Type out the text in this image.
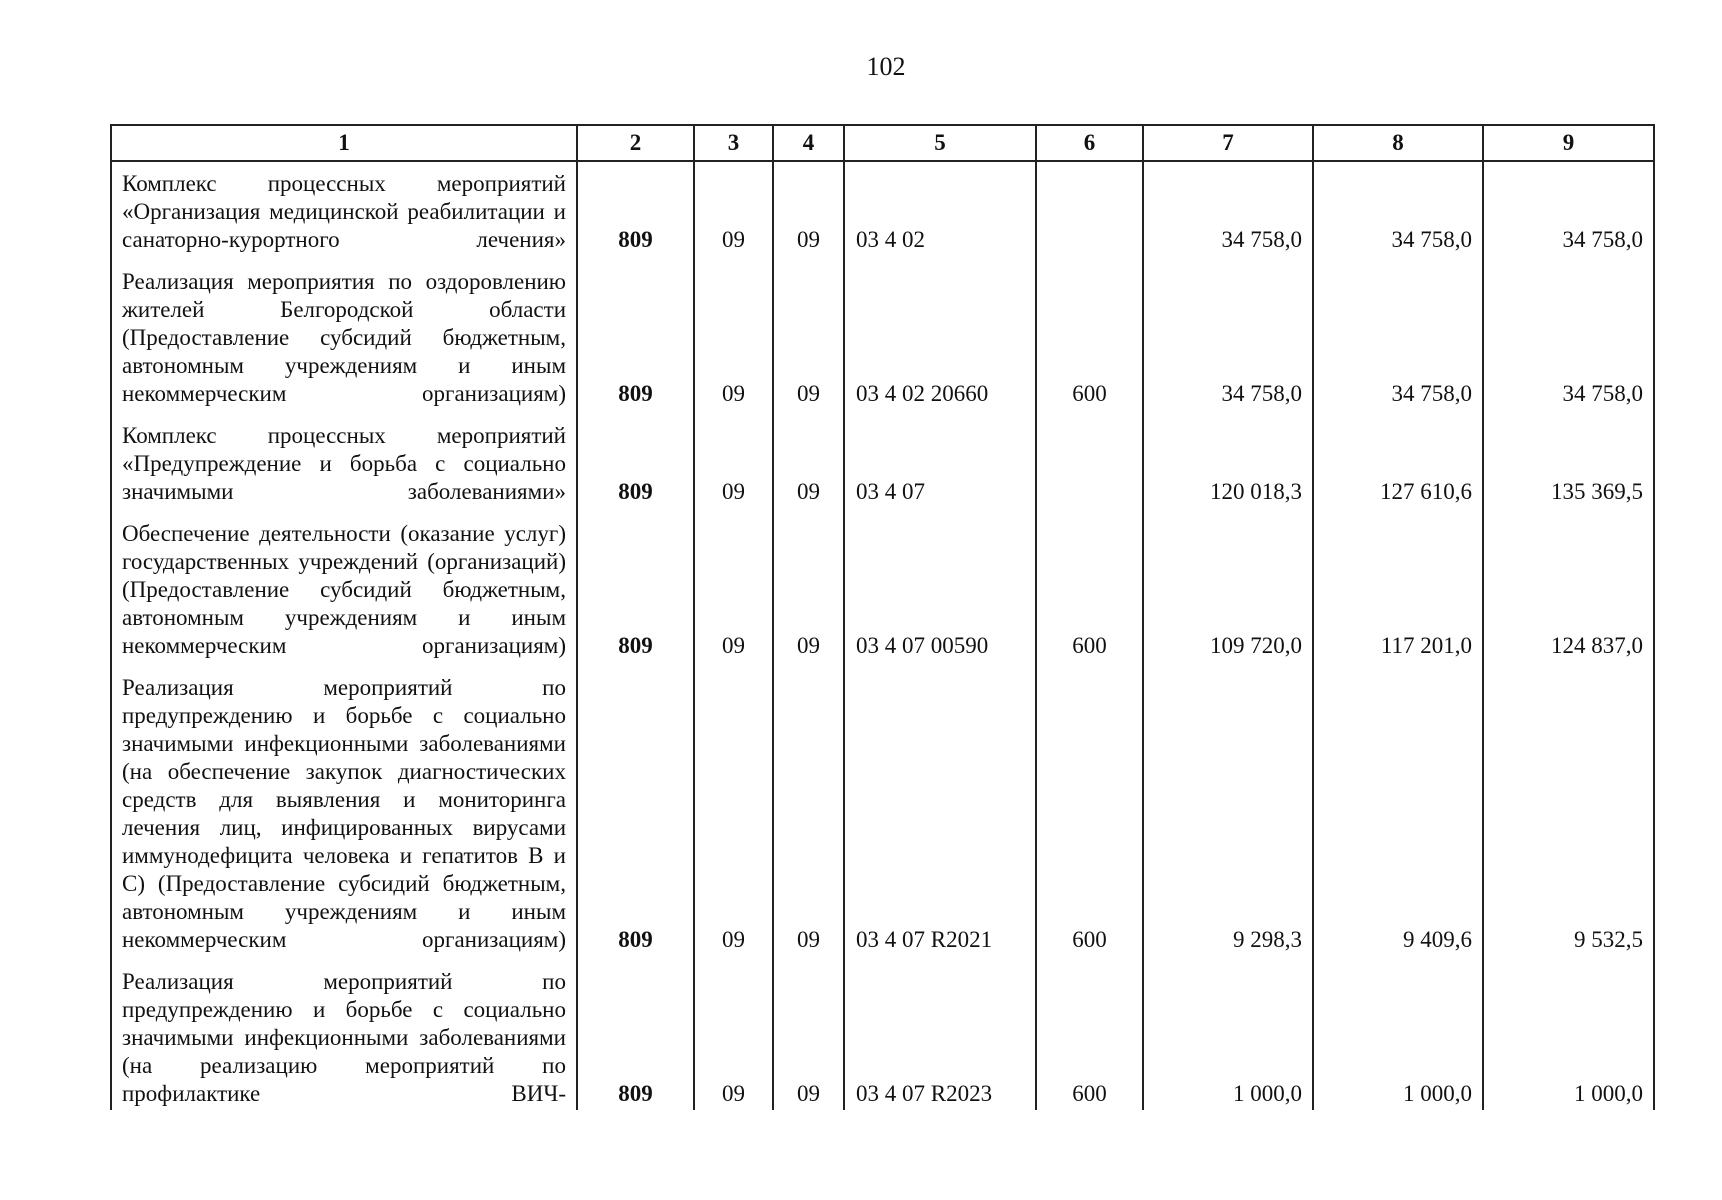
102
1	2	3	4	5	6	7	8	9
Комплекс процессных мероприятий «Организация медицинской реабилитации и санаторно-курортного лечения»	809	09	09	03 4 02		34 758,0	34 758,0	34 758,0
Реализация мероприятия по оздоровлению жителей Белгородской области (Предоставление субсидий бюджетным, автономным учреждениям и иным некоммерческим организациям)	809	09	09	03 4 02 20660	600	34 758,0	34 758,0	34 758,0
Комплекс процессных мероприятий «Предупреждение и борьба с социально значимыми заболеваниями»	809	09	09	03 4 07		120 018,3	127 610,6	135 369,5
Обеспечение деятельности (оказание услуг) государственных учреждений (организаций) (Предоставление субсидий бюджетным, автономным учреждениям и иным некоммерческим организациям)	809	09	09	03 4 07 00590	600	109 720,0	117 201,0	124 837,0
Реализация мероприятий по предупреждению и борьбе с социально значимыми инфекционными заболеваниями (на обеспечение закупок диагностических средств для выявления и мониторинга лечения лиц, инфицированных вирусами иммунодефицита человека и гепатитов В и С) (Предоставление субсидий бюджетным, автономным учреждениям и иным некоммерческим организациям)	809	09	09	03 4 07 R2021	600	9 298,3	9 409,6	9 532,5
Реализация мероприятий по предупреждению и борьбе с социально значимыми инфекционными заболеваниями (на реализацию мероприятий по профилактике ВИЧ-	809	09	09	03 4 07 R2023	600	1 000,0	1 000,0	1 000,0
